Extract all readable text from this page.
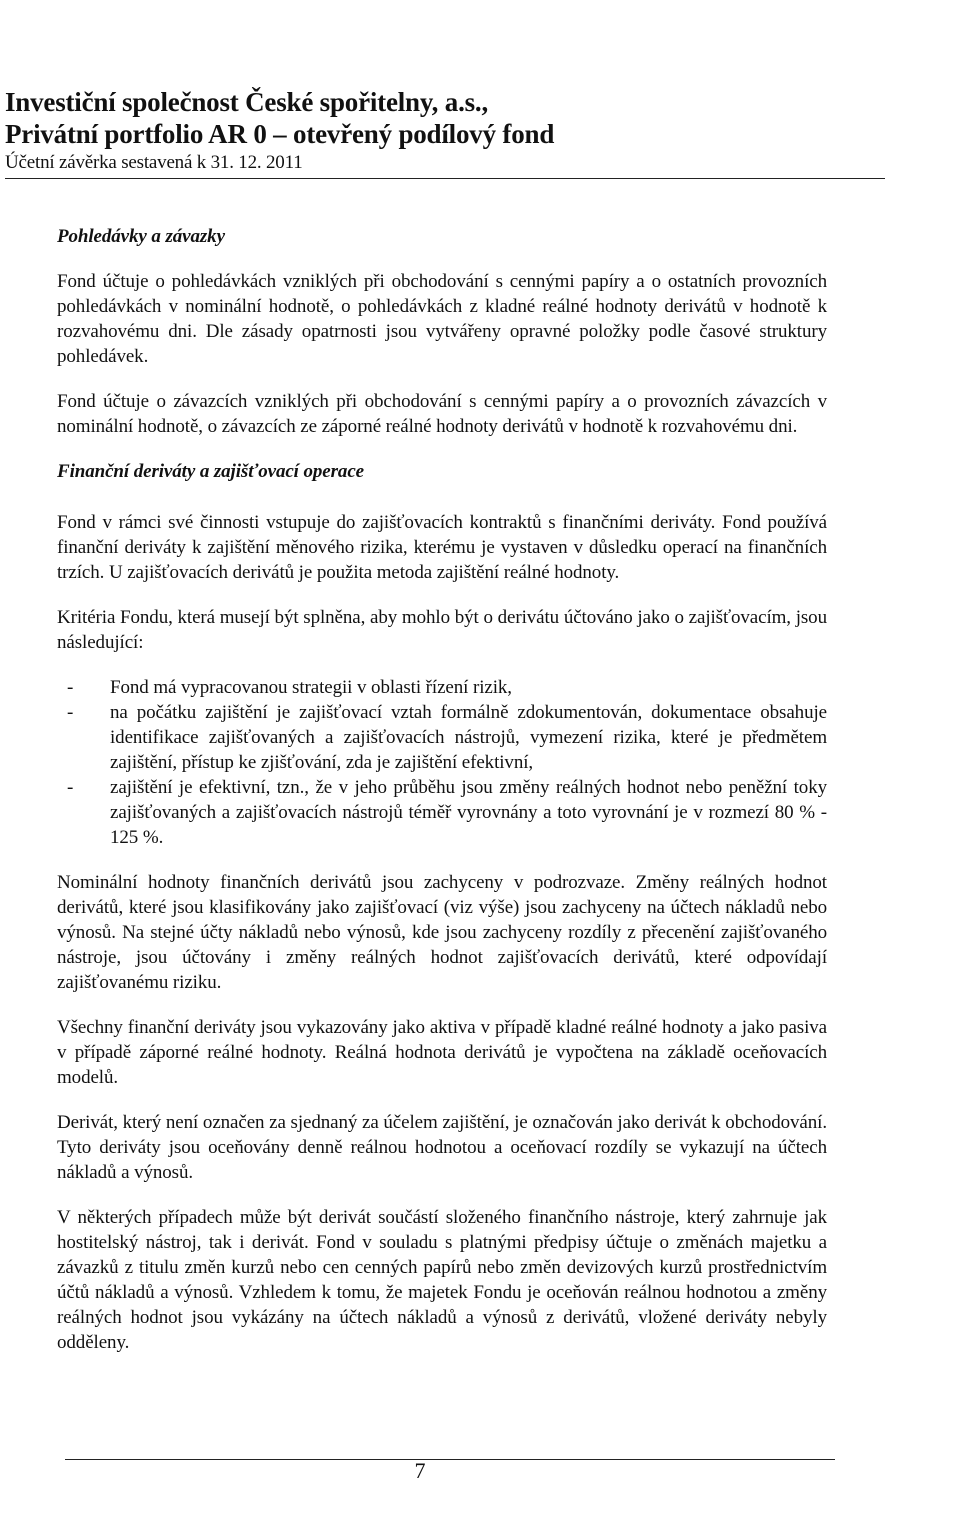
Investiční společnost České spořitelny, a.s.,
Privátní portfolio AR 0 – otevřený podílový fond
Účetní závěrka sestavená k 31. 12. 2011
Pohledávky a závazky

Fond účtuje o pohledávkách vzniklých při obchodování s cennými papíry a o ostatních provozních pohledávkách v nominální hodnotě, o pohledávkách z kladné reálné hodnoty derivátů v hodnotě k rozvahovému dni. Dle zásady opatrnosti jsou vytvářeny opravné položky podle časové struktury pohledávek.

Fond účtuje o závazcích vzniklých při obchodování s cennými papíry a o provozních závazcích v nominální hodnotě, o závazcích ze záporné reálné hodnoty derivátů v hodnotě k rozvahovému dni.

Finanční deriváty a zajišťovací operace

Fond v rámci své činnosti vstupuje do zajišťovacích kontraktů s finančními deriváty. Fond používá finanční deriváty k zajištění měnového rizika, kterému je vystaven v důsledku operací na finančních trzích. U zajišťovacích derivátů je použita metoda zajištění reálné hodnoty.

Kritéria Fondu, která musejí být splněna, aby mohlo být o derivátu účtováno jako o zajišťovacím, jsou následující:

- Fond má vypracovanou strategii v oblasti řízení rizik,
- na počátku zajištění je zajišťovací vztah formálně zdokumentován, dokumentace obsahuje identifikace zajišťovaných a zajišťovacích nástrojů, vymezení rizika, které je předmětem zajištění, přístup ke zjišťování, zda je zajištění efektivní,
- zajištění je efektivní, tzn., že v jeho průběhu jsou změny reálných hodnot nebo peněžní toky zajišťovaných a zajišťovacích nástrojů téměř vyrovnány a toto vyrovnání je v rozmezí 80 % - 125 %.

Nominální hodnoty finančních derivátů jsou zachyceny v podrozvaze. Změny reálných hodnot derivátů, které jsou klasifikovány jako zajišťovací (viz výše) jsou zachyceny na účtech nákladů nebo výnosů. Na stejné účty nákladů nebo výnosů, kde jsou zachyceny rozdíly z přecenění zajišťovaného nástroje, jsou účtovány i změny reálných hodnot zajišťovacích derivátů, které odpovídají zajišťovanému riziku.

Všechny finanční deriváty jsou vykazovány jako aktiva v případě kladné reálné hodnoty a jako pasiva v případě záporné reálné hodnoty. Reálná hodnota derivátů je vypočtena na základě oceňovacích modelů.

Derivát, který není označen za sjednaný za účelem zajištění, je označován jako derivát k obchodování. Tyto deriváty jsou oceňovány denně reálnou hodnotou a oceňovací rozdíly se vykazují na účtech nákladů a výnosů.

V některých případech může být derivát součástí složeného finančního nástroje, který zahrnuje jak hostitelský nástroj, tak i derivát. Fond v souladu s platnými předpisy účtuje o změnách majetku a závazků z titulu změn kurzů nebo cen cenných papírů nebo změn devizových kurzů prostřednictvím účtů nákladů a výnosů. Vzhledem k tomu, že majetek Fondu je oceňován reálnou hodnotou a změny reálných hodnot jsou vykázány na účtech nákladů a výnosů z derivátů, vložené deriváty nebyly odděleny.

7
